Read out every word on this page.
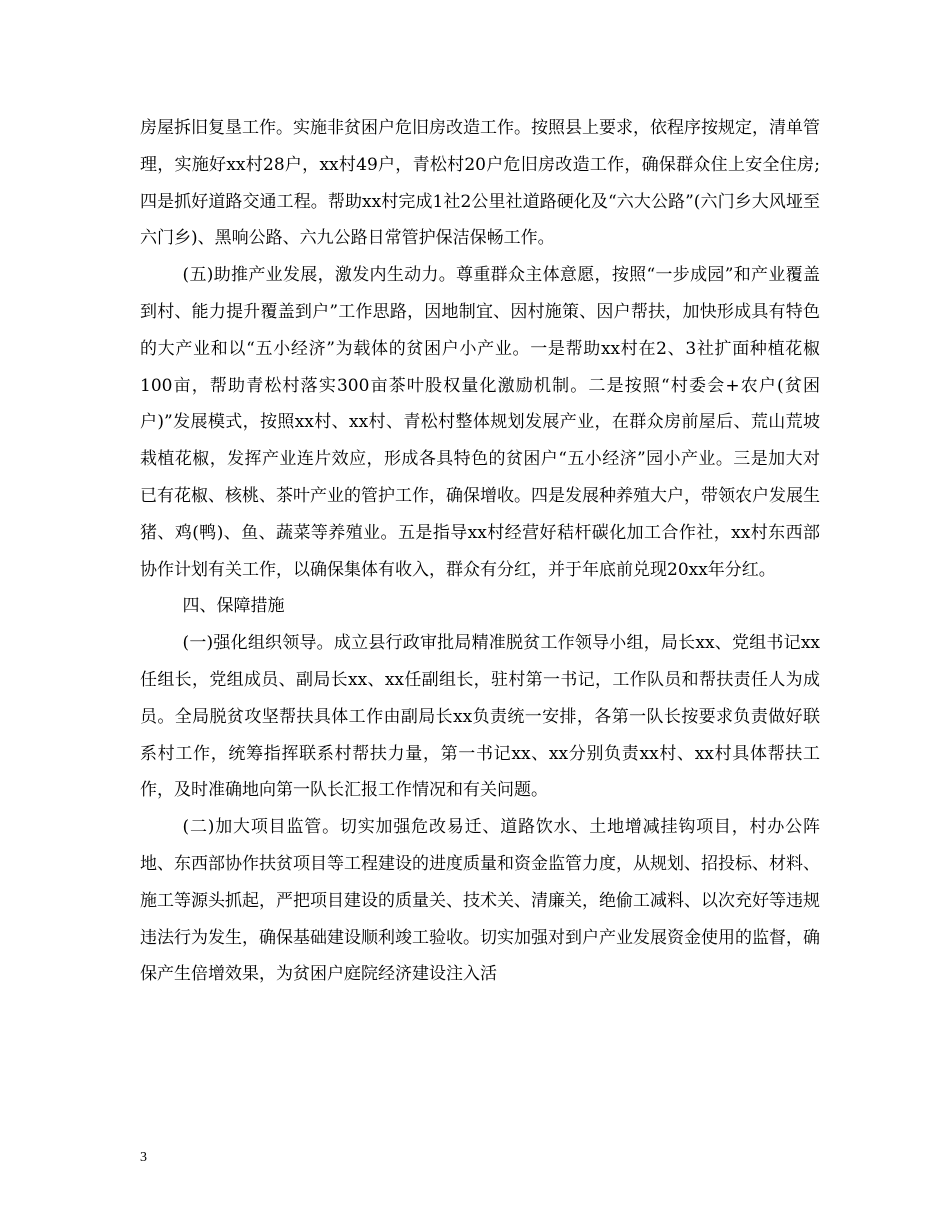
房屋拆旧复垦工作。实施非贫困户危旧房改造工作。按照县上要求，依程序按规定，清单管理，实施好xx村28户，xx村49户，青松村20户危旧房改造工作，确保群众住上安全住房;四是抓好道路交通工程。帮助xx村完成1社2公里社道路硬化及“六大公路”(六门乡大风垭至六门乡)、黑响公路、六九公路日常管护保洁保畅工作。

(五)助推产业发展，激发内生动力。尊重群众主体意愿，按照“一步成园”和产业覆盖到村、能力提升覆盖到户”工作思路，因地制宜、因村施策、因户帮扶，加快形成具有特色的大产业和以“五小经济”为载体的贫困户小产业。一是帮助xx村在2、3社扩面种植花椒100亩，帮助青松村落实300亩茶叶股权量化激励机制。二是按照“村委会+农户(贫困户)”发展模式，按照xx村、xx村、青松村整体规划发展产业，在群众房前屋后、荒山荒坡栽植花椒，发挥产业连片效应，形成各具特色的贫困户“五小经济”园小产业。三是加大对已有花椒、核桃、茶叶产业的管护工作，确保增收。四是发展种养殖大户，带领农户发展生猪、鸡(鸭)、鱼、蔬菜等养殖业。五是指导xx村经营好秸杆碳化加工合作社，xx村东西部协作计划有关工作，以确保集体有收入，群众有分红，并于年底前兑现20xx年分红。

四、保障措施

(一)强化组织领导。成立县行政审批局精准脱贫工作领导小组，局长xx、党组书记xx任组长，党组成员、副局长xx、xx任副组长，驻村第一书记，工作队员和帮扶责任人为成员。全局脱贫攻坚帮扶具体工作由副局长xx负责统一安排，各第一队长按要求负责做好联系村工作，统筹指挥联系村帮扶力量，第一书记xx、xx分别负责xx村、xx村具体帮扶工作，及时准确地向第一队长汇报工作情况和有关问题。

(二)加大项目监管。切实加强危改易迁、道路饮水、土地增减挂钩项目，村办公阵地、东西部协作扶贫项目等工程建设的进度质量和资金监管力度，从规划、招投标、材料、施工等源头抓起，严把项目建设的质量关、技术关、清廉关，绝偷工减料、以次充好等违规违法行为发生，确保基础建设顺利竣工验收。切实加强对到户产业发展资金使用的监督，确保产生倍增效果，为贫困户庭院经济建设注入活

3
